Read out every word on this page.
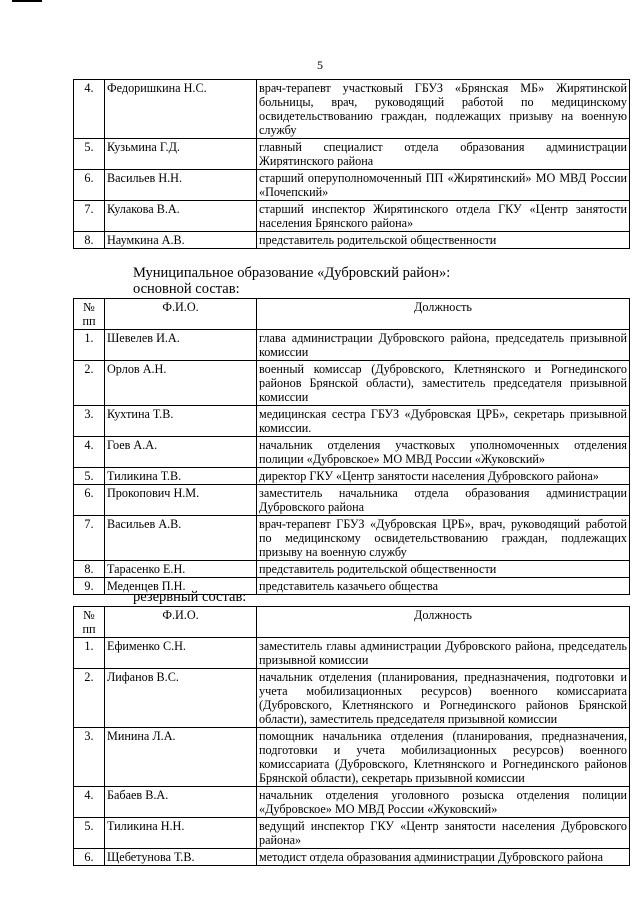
5
4.	Федоришкина Н.С.	врач-терапевт участковый ГБУЗ «Брянская МБ» Жирятинской больницы, врач, руководящий работой по медицинскому освидетельствованию граждан, подлежащих призыву на военную службу
5.	Кузьмина Г.Д.	главный специалист отдела образования администрации Жирятинского района
6.	Васильев Н.Н.	старший оперуполномоченный ПП «Жирятинский» МО МВД России «Почепский»
7.	Кулакова В.А.	старший инспектор Жирятинского отдела ГКУ «Центр занятости населения Брянского района»
8.	Наумкина А.В.	представитель родительской общественности
Муниципальное образование «Дубровский район»:
основной состав:
№ пп	Ф.И.О.	Должность
1.	Шевелев И.А.	глава администрации Дубровского района, председатель призывной комиссии
2.	Орлов А.Н.	военный комиссар (Дубровского, Клетнянского и Рогнединского районов Брянской области), заместитель председателя призывной комиссии
3.	Кухтина Т.В.	медицинская сестра ГБУЗ «Дубровская ЦРБ», секретарь призывной комиссии.
4.	Гоев А.А.	начальник отделения участковых уполномоченных отделения полиции «Дубровское» МО МВД России «Жуковский»
5.	Тиликина Т.В.	директор ГКУ «Центр занятости населения Дубровского района»
6.	Прокопович Н.М.	заместитель начальника отдела образования администрации Дубровского района
7.	Васильев А.В.	врач-терапевт ГБУЗ «Дубровская ЦРБ», врач, руководящий работой по медицинскому освидетельствованию граждан, подлежащих призыву на военную службу
8.	Тарасенко Е.Н.	представитель родительской общественности
9.	Меденцев П.Н.	представитель казачьего общества
резервный состав:
№ пп	Ф.И.О.	Должность
1.	Ефименко С.Н.	заместитель главы администрации Дубровского района, председатель призывной комиссии
2.	Лифанов В.С.	начальник отделения (планирования, предназначения, подготовки и учета мобилизационных ресурсов) военного комиссариата (Дубровского, Клетнянского и Рогнединского районов Брянской области), заместитель председателя призывной комиссии
3.	Минина Л.А.	помощник начальника отделения (планирования, предназначения, подготовки и учета мобилизационных ресурсов) военного комиссариата (Дубровского, Клетнянского и Рогнединского районов Брянской области), секретарь призывной комиссии
4.	Бабаев В.А.	начальник отделения уголовного розыска отделения полиции «Дубровское» МО МВД России «Жуковский»
5.	Тиликина Н.Н.	ведущий инспектор ГКУ «Центр занятости населения Дубровского района»
6.	Щебетунова Т.В.	методист отдела образования администрации Дубровского района
